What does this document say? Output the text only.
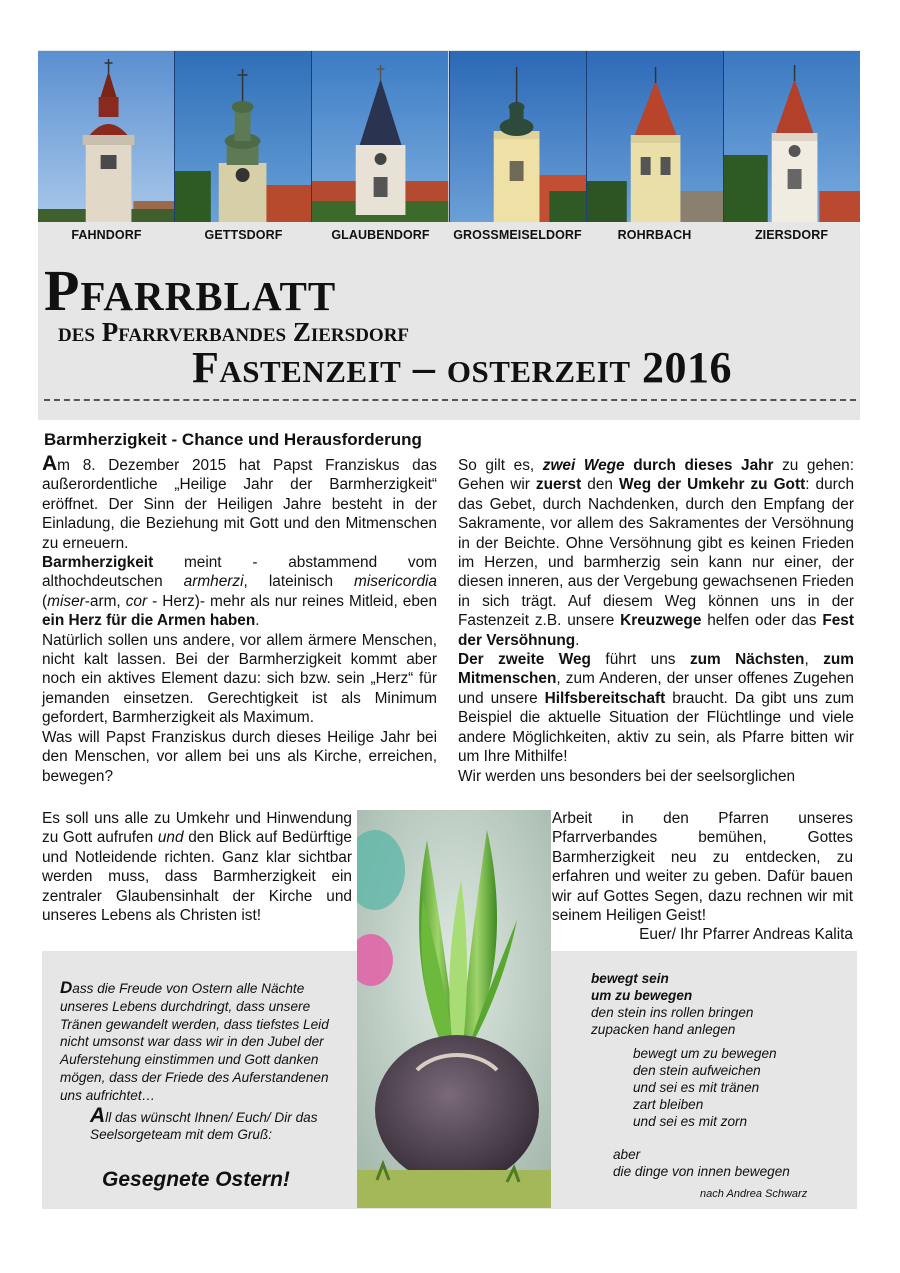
FAHNDORF	GETTSDORF	GLAUBENDORF	GROSSMEISELDORF	ROHRBACH	ZIERSDORF
Pfarrblatt
des Pfarrverbandes Ziersdorf
Fastenzeit – osterzeit 2016
Barmherzigkeit - Chance und Herausforderung

Am 8. Dezember 2015 hat Papst Franziskus das außerordentliche „Heilige Jahr der Barmherzigkeit“ eröffnet. Der Sinn der Heiligen Jahre besteht in der Einladung, die Beziehung mit Gott und den Mitmenschen zu erneuern.

Barmherzigkeit meint - abstammend vom althochdeutschen armherzi, lateinisch misericordia (miser-arm, cor - Herz)- mehr als nur reines Mitleid, eben ein Herz für die Armen haben.

Natürlich sollen uns andere, vor allem ärmere Menschen, nicht kalt lassen. Bei der Barmherzigkeit kommt aber noch ein aktives Element dazu: sich bzw. sein „Herz“ für jemanden einsetzen. Gerechtigkeit ist als Minimum gefordert, Barmherzigkeit als Maximum.

Was will Papst Franziskus durch dieses Heilige Jahr bei den Menschen, vor allem bei uns als Kirche, erreichen, bewegen?

Es soll uns alle zu Umkehr und Hinwendung zu Gott aufrufen und den Blick auf Bedürftige und Notleidende richten. Ganz klar sichtbar werden muss, dass Barmherzigkeit ein zentraler Glaubensinhalt der Kirche und unseres Lebens als Christen ist!

So gilt es, zwei Wege durch dieses Jahr zu gehen: Gehen wir zuerst den Weg der Umkehr zu Gott: durch das Gebet, durch Nachdenken, durch den Empfang der Sakramente, vor allem des Sakramentes der Versöhnung in der Beichte. Ohne Versöhnung gibt es keinen Frieden im Herzen, und barmherzig sein kann nur einer, der diesen inneren, aus der Vergebung gewachsenen Frieden in sich trägt. Auf diesem Weg können uns in der Fastenzeit z.B. unsere Kreuzwege helfen oder das Fest der Versöhnung.

Der zweite Weg führt uns zum Nächsten, zum Mitmenschen, zum Anderen, der unser offenes Zugehen und unsere Hilfsbereitschaft braucht. Da gibt uns zum Beispiel die aktuelle Situation der Flüchtlinge und viele andere Möglichkeiten, aktiv zu sein, als Pfarre bitten wir um Ihre Mithilfe!

Wir werden uns besonders bei der seelsorglichen

Arbeit in den Pfarren unseres Pfarrverbandes bemühen, Gottes Barmherzigkeit neu zu entdecken, zu erfahren und weiter zu geben. Dafür bauen wir auf Gottes Segen, dazu rechnen wir mit seinem Heiligen Geist!

Euer/ Ihr Pfarrer Andreas Kalita
Dass die Freude von Ostern alle Nächte unseres Lebens durchdringt, dass unsere Tränen gewandelt werden, dass tiefstes Leid nicht umsonst war dass wir in den Jubel der Auferstehung einstimmen und Gott danken mögen, dass der Friede des Auferstandenen uns aufrichtet…
All das wünscht Ihnen/ Euch/ Dir das Seelsorgeteam mit dem Gruß:
Gesegnete Ostern!
bewegt sein
um zu bewegen
den stein ins rollen bringen
zupacken hand anlegen
bewegt um zu bewegen
den stein aufweichen
und sei es mit tränen
zart bleiben
und sei es mit zorn
aber
die dinge von innen bewegen
nach Andrea Schwarz
